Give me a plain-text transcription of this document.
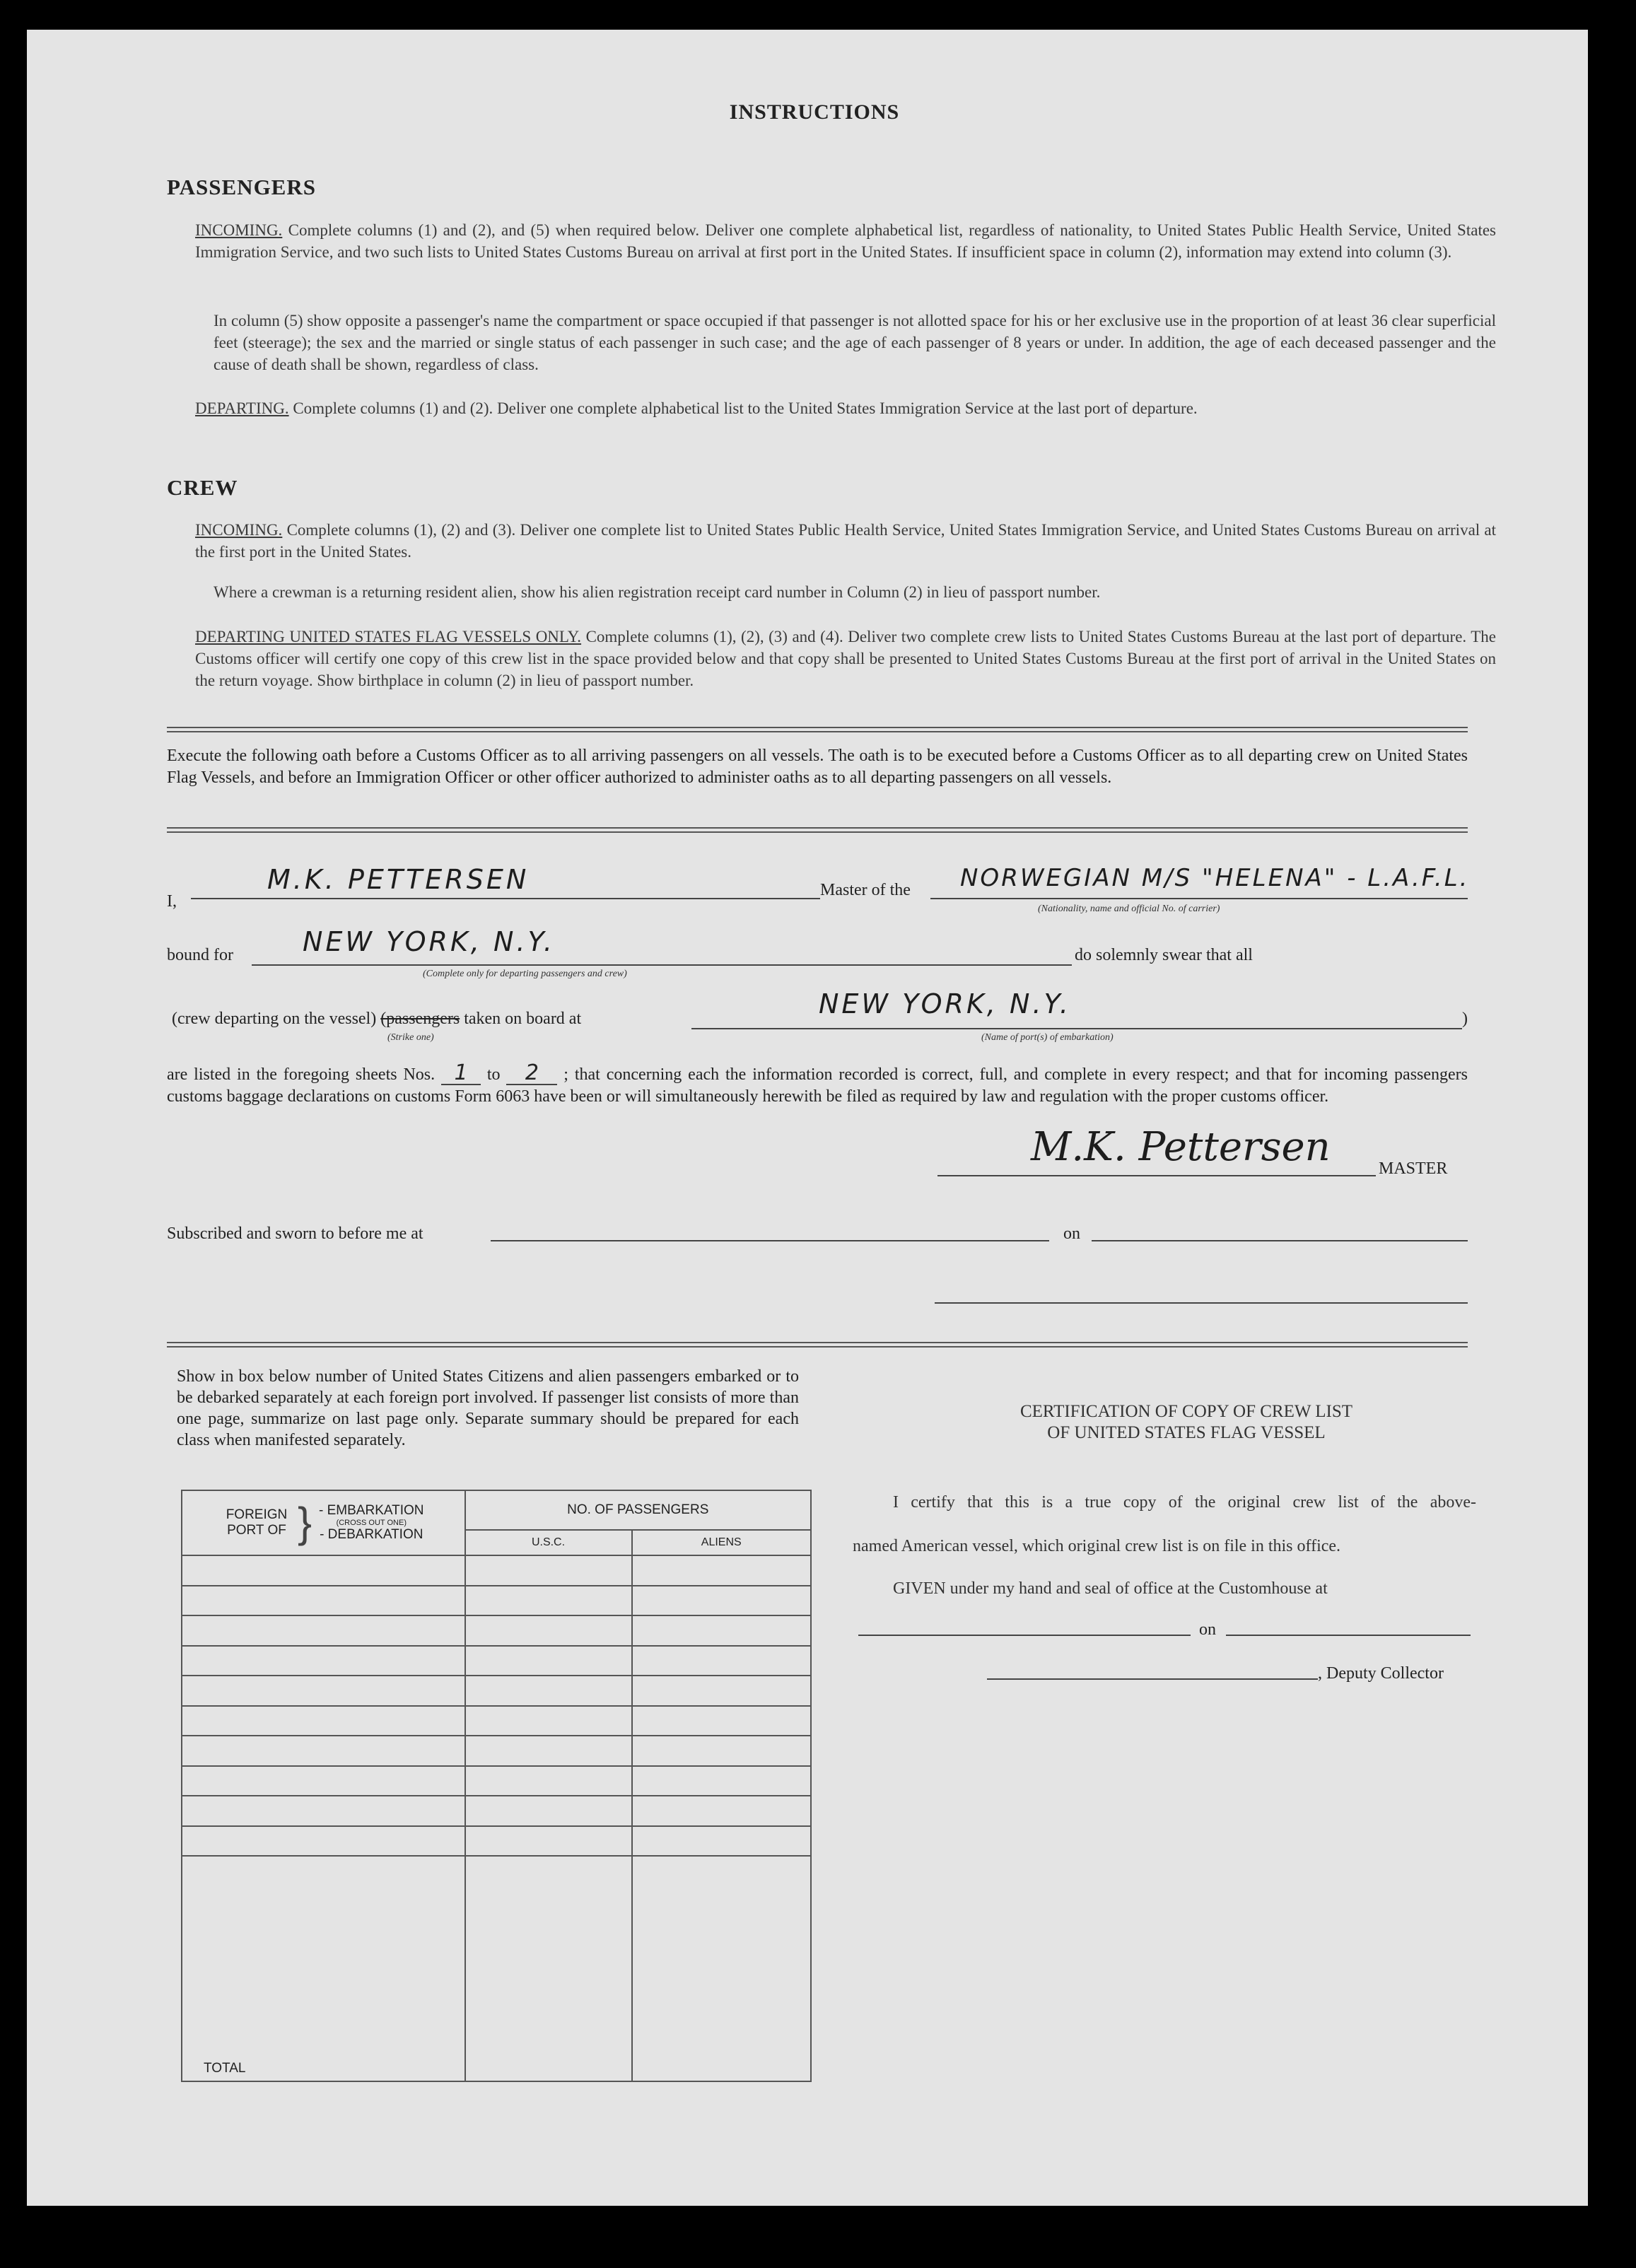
INSTRUCTIONS
PASSENGERS
INCOMING. Complete columns (1) and (2), and (5) when required below. Deliver one complete alphabetical list, regardless of nationality, to United States Public Health Service, United States Immigration Service, and two such lists to United States Customs Bureau on arrival at first port in the United States. If insufficient space in column (2), information may extend into column (3).
In column (5) show opposite a passenger's name the compartment or space occupied if that passenger is not allotted space for his or her exclusive use in the proportion of at least 36 clear superficial feet (steerage); the sex and the married or single status of each passenger in such case; and the age of each passenger of 8 years or under. In addition, the age of each deceased passenger and the cause of death shall be shown, regardless of class.
DEPARTING. Complete columns (1) and (2). Deliver one complete alphabetical list to the United States Immigration Service at the last port of departure.
CREW
INCOMING. Complete columns (1), (2) and (3). Deliver one complete list to United States Public Health Service, United States Immigration Service, and United States Customs Bureau on arrival at the first port in the United States.
Where a crewman is a returning resident alien, show his alien registration receipt card number in Column (2) in lieu of passport number.
DEPARTING UNITED STATES FLAG VESSELS ONLY. Complete columns (1), (2), (3) and (4). Deliver two complete crew lists to United States Customs Bureau at the last port of departure. The Customs officer will certify one copy of this crew list in the space provided below and that copy shall be presented to United States Customs Bureau at the first port of arrival in the United States on the return voyage. Show birthplace in column (2) in lieu of passport number.
Execute the following oath before a Customs Officer as to all arriving passengers on all vessels. The oath is to be executed before a Customs Officer as to all departing crew on United States Flag Vessels, and before an Immigration Officer or other officer authorized to administer oaths as to all departing passengers on all vessels.
I,
M.K. PETTERSEN	Master of the NORWEGIAN M/S "HELENA" - L.A.F.L.
(Nationality, name and official No. of carrier)
bound for	NEW YORK, N.Y.
(Complete only for departing passengers and crew)
do solemnly swear that all
(crew departing on the vessel) (passengers taken on board at	NEW YORK, N.Y.
(Strike one)	(Name of port(s) of embarkation)
)
are listed in the foregoing sheets Nos. 1 to 2 ; that concerning each the information recorded is correct, full, and complete in every respect; and that for incoming passengers customs baggage declarations on customs Form 6063 have been or will simultaneously herewith be filed as required by law and regulation with the proper customs officer.
M.K. Pettersen	MASTER
Subscribed and sworn to before me at	on
Show in box below number of United States Citizens and alien passengers embarked or to be debarked separately at each foreign port involved. If passenger list consists of more than one page, summarize on last page only. Separate summary should be prepared for each class when manifested separately.
FOREIGN PORT OF } - EMBARKATION
(CROSS OUT ONE)
- DEBARKATION	NO. OF PASSENGERS	
	U.S.C.	ALIENS

TOTAL		
CERTIFICATION OF COPY OF CREW LIST
OF UNITED STATES FLAG VESSEL
I certify that this is a true copy of the original crew list of the above-
named American vessel, which original crew list is on file in this office.
GIVEN under my hand and seal of office at the Customhouse at
on
, Deputy Collector
